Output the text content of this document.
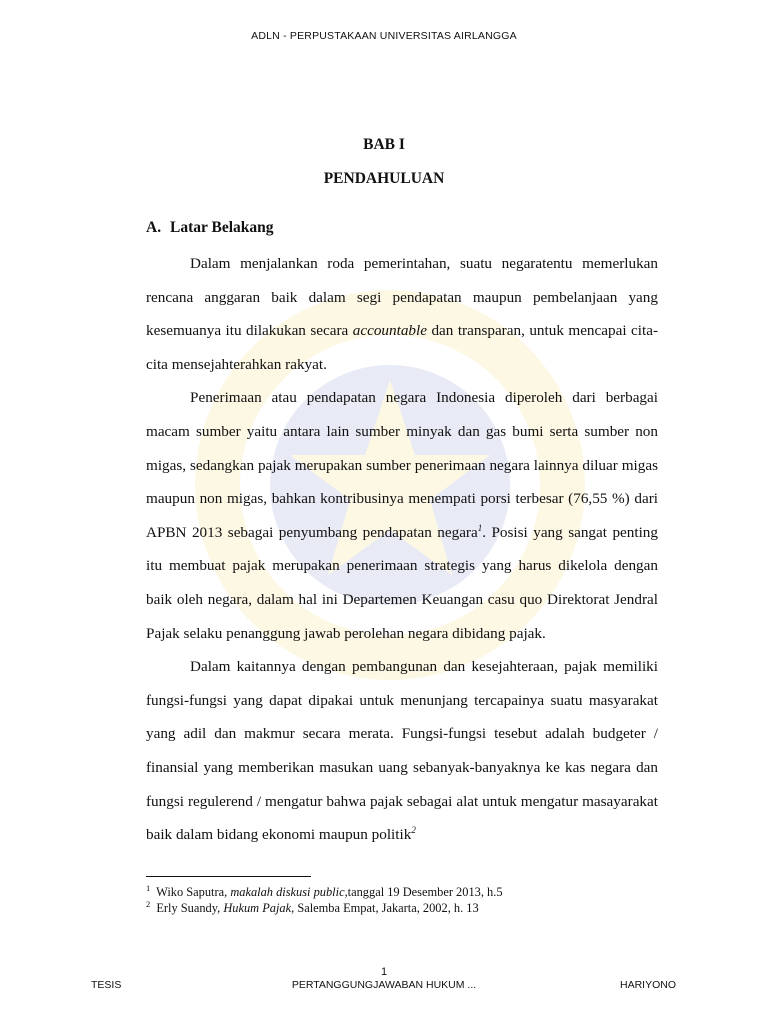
ADLN - PERPUSTAKAAN UNIVERSITAS AIRLANGGA
BAB I
PENDAHULUAN
A. Latar Belakang

Dalam menjalankan roda pemerintahan, suatu negaratentu memerlukan rencana anggaran baik dalam segi pendapatan maupun pembelanjaan yang kesemuanya itu dilakukan secara accountable dan transparan, untuk mencapai cita-cita mensejahterahkan rakyat.

Penerimaan atau pendapatan negara Indonesia diperoleh dari berbagai macam sumber yaitu antara lain sumber minyak dan gas bumi serta sumber non migas, sedangkan pajak merupakan sumber penerimaan negara lainnya diluar migas maupun non migas, bahkan kontribusinya menempati porsi terbesar (76,55 %) dari APBN 2013 sebagai penyumbang pendapatan negara$^1$. Posisi yang sangat penting itu membuat pajak merupakan penerimaan strategis yang harus dikelola dengan baik oleh negara, dalam hal ini Departemen Keuangan casu quo Direktorat Jendral Pajak selaku penanggung jawab perolehan negara dibidang pajak.

Dalam kaitannya dengan pembangunan dan kesejahteraan, pajak memiliki fungsi-fungsi yang dapat dipakai untuk menunjang tercapainya suatu masyarakat yang adil dan makmur secara merata. Fungsi-fungsi tesebut adalah budgeter / finansial yang memberikan masukan uang sebanyak-banyaknya ke kas negara dan fungsi regulerend / mengatur bahwa pajak sebagai alat untuk mengatur masayarakat baik dalam bidang ekonomi maupun politik$^2$

$^1$ Wiko Saputra, makalah diskusi public,tanggal 19 Desember 2013, h.5
$^2$ Erly Suandy, Hukum Pajak, Salemba Empat, Jakarta, 2002, h. 13
1
TESIS	PERTANGGUNGJAWABAN HUKUM ...	HARIYONO
